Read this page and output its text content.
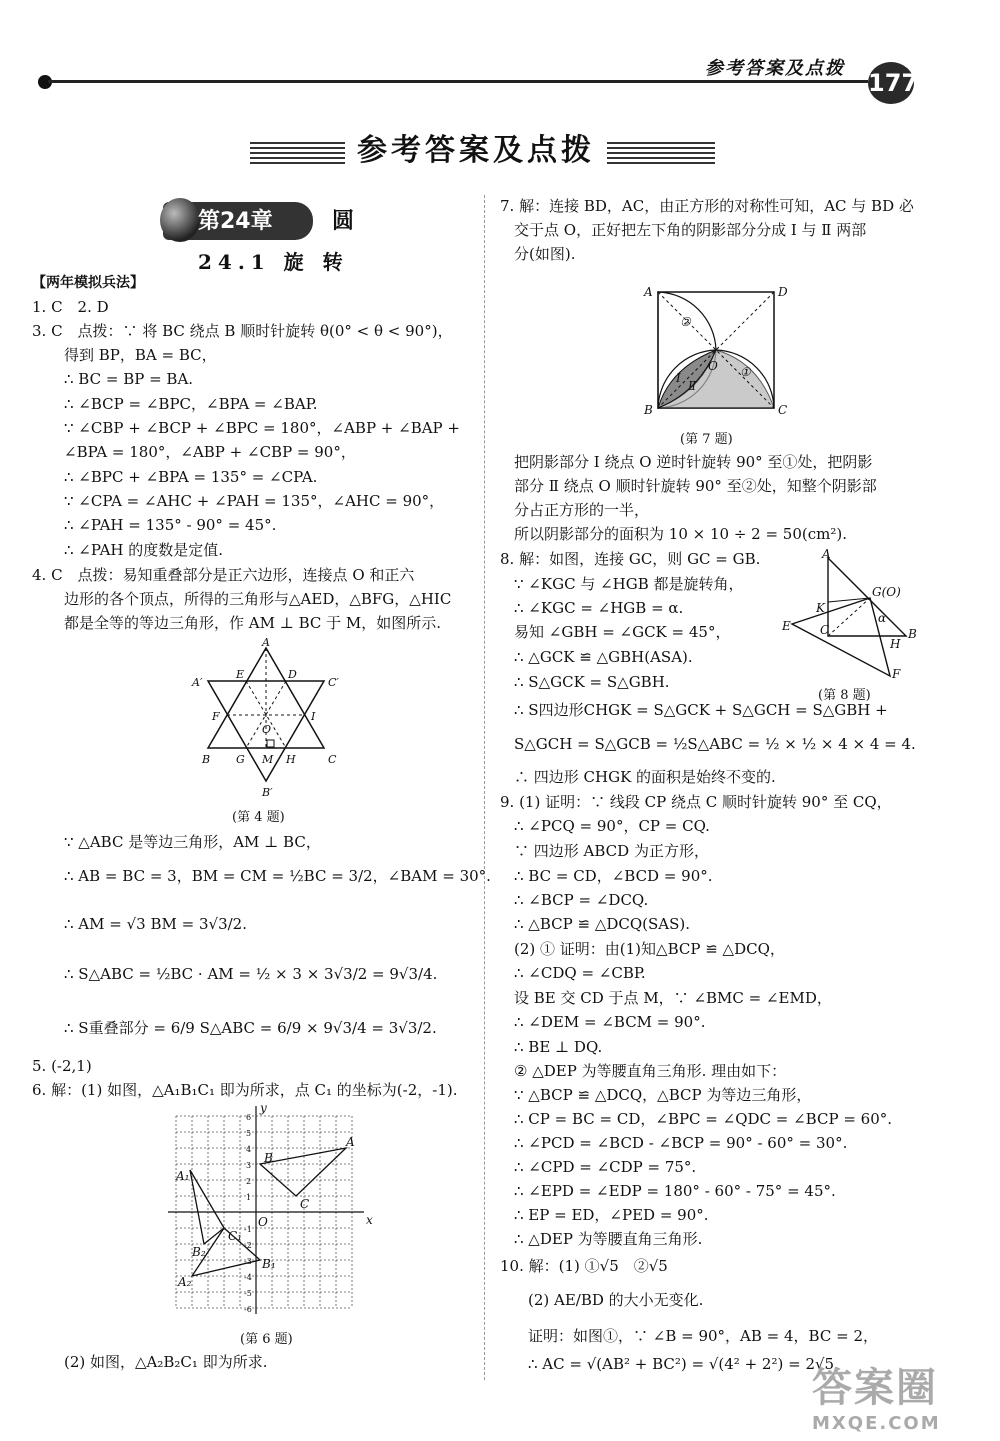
参考答案及点拨
177
参考答案及点拨
第24章	圆
24.1 旋 转
【两年模拟兵法】
1. C　2. D
3. C　点拨：∵ 将 BC 绕点 B 顺时针旋转 θ(0° < θ < 90°)，
得到 BP，BA = BC，
∴ BC = BP = BA.
∴ ∠BCP = ∠BPC，∠BPA = ∠BAP.
∵ ∠CBP + ∠BCP + ∠BPC = 180°，∠ABP + ∠BAP +
∠BPA = 180°，∠ABP + ∠CBP = 90°，
∴ ∠BPC + ∠BPA = 135° = ∠CPA.
∵ ∠CPA = ∠AHC + ∠PAH = 135°，∠AHC = 90°，
∴ ∠PAH = 135° - 90° = 45°.
∴ ∠PAH 的度数是定值.
4. C　点拨：易知重叠部分是正六边形，连接点 O 和正六
边形的各个顶点，所得的三角形与△AED，△BFG，△HIC
都是全等的等边三角形，作 AM ⊥ BC 于 M，如图所示.
A
A′
E	D
C′
F	I
O
B G M H	C
B′
(第 4 题)
∵ △ABC 是等边三角形，AM ⊥ BC，
∴ AB = BC = 3，BM = CM = ½BC = 3/2，∠BAM = 30°.
∴ AM = √3 BM = 3√3/2.
∴ S△ABC = ½BC · AM = ½ × 3 × 3√3/2 = 9√3/4.
∴ S重叠部分 = 6/9 S△ABC = 6/9 × 9√3/4 = 3√3/2.
5. (-2,1)
6. 解：(1) 如图，△A₁B₁C₁ 即为所求，点 C₁ 的坐标为(-2，-1).
y
x
O
A
B
C
A₁
B₁
C₁
A₂
B₂
6
5
4
3
2
1
-1
-2
-3
-4
-5
-6
(第 6 题)
(2) 如图，△A₂B₂C₁ 即为所求.
7. 解：连接 BD，AC，由正方形的对称性可知，AC 与 BD 必
交于点 O，正好把左下角的阴影部分分成 Ⅰ 与 Ⅱ 两部
分(如图).
A	D
B	C
O ①
②
Ⅰ
Ⅱ
(第 7 题)
把阴影部分 Ⅰ 绕点 O 逆时针旋转 90° 至①处，把阴影
部分 Ⅱ 绕点 O 顺时针旋转 90° 至②处，知整个阴影部
分占正方形的一半，
所以阴影部分的面积为 10 × 10 ÷ 2 = 50(cm²).
8. 解：如图，连接 GC，则 GC = GB.
∵ ∠KGC 与 ∠HGB 都是旋转角，
∴ ∠KGC = ∠HGB = α.
易知 ∠GBH = ∠GCK = 45°，
∴ △GCK ≌ △GBH(ASA).
∴ S△GCK = S△GBH.
∴ S四边形CHGK = S△GCK + S△GCH = S△GBH +
S△GCH = S△GCB = ½S△ABC = ½ × ½ × 4 × 4 = 4.
∴ 四边形 CHGK 的面积是始终不变的.
9. (1) 证明：∵ 线段 CP 绕点 C 顺时针旋转 90° 至 CQ，
∴ ∠PCQ = 90°，CP = CQ.
∵ 四边形 ABCD 为正方形，
∴ BC = CD，∠BCD = 90°.
∴ ∠BCP = ∠DCQ.
∴ △BCP ≌ △DCQ(SAS).
(2) ① 证明：由(1)知△BCP ≌ △DCQ，
∴ ∠CDQ = ∠CBP.
设 BE 交 CD 于点 M，∵ ∠BMC = ∠EMD，
∴ ∠DEM = ∠BCM = 90°.
∴ BE ⊥ DQ.
② △DEP 为等腰直角三角形. 理由如下：
∵ △BCP ≌ △DCQ，△BCP 为等边三角形，
∴ CP = BC = CD，∠BPC = ∠QDC = ∠BCP = 60°.
∴ ∠PCD = ∠BCD - ∠BCP = 90° - 60° = 30°.
∴ ∠CPD = ∠CDP = 75°.
∴ ∠EPD = ∠EDP = 180° - 60° - 75° = 45°.
∴ EP = ED，∠PED = 90°.
∴ △DEP 为等腰直角三角形.
10. 解：(1) ①√5　②√5
(2) AE/BD 的大小无变化.
证明：如图①，∵ ∠B = 90°，AB = 4，BC = 2，
∴ AC = √(AB² + BC²) = √(4² + 2²) = 2√5.
A
G(O)
K
α
E C	B
H
F
(第 8 题)
答案圈
MXQE.COM
